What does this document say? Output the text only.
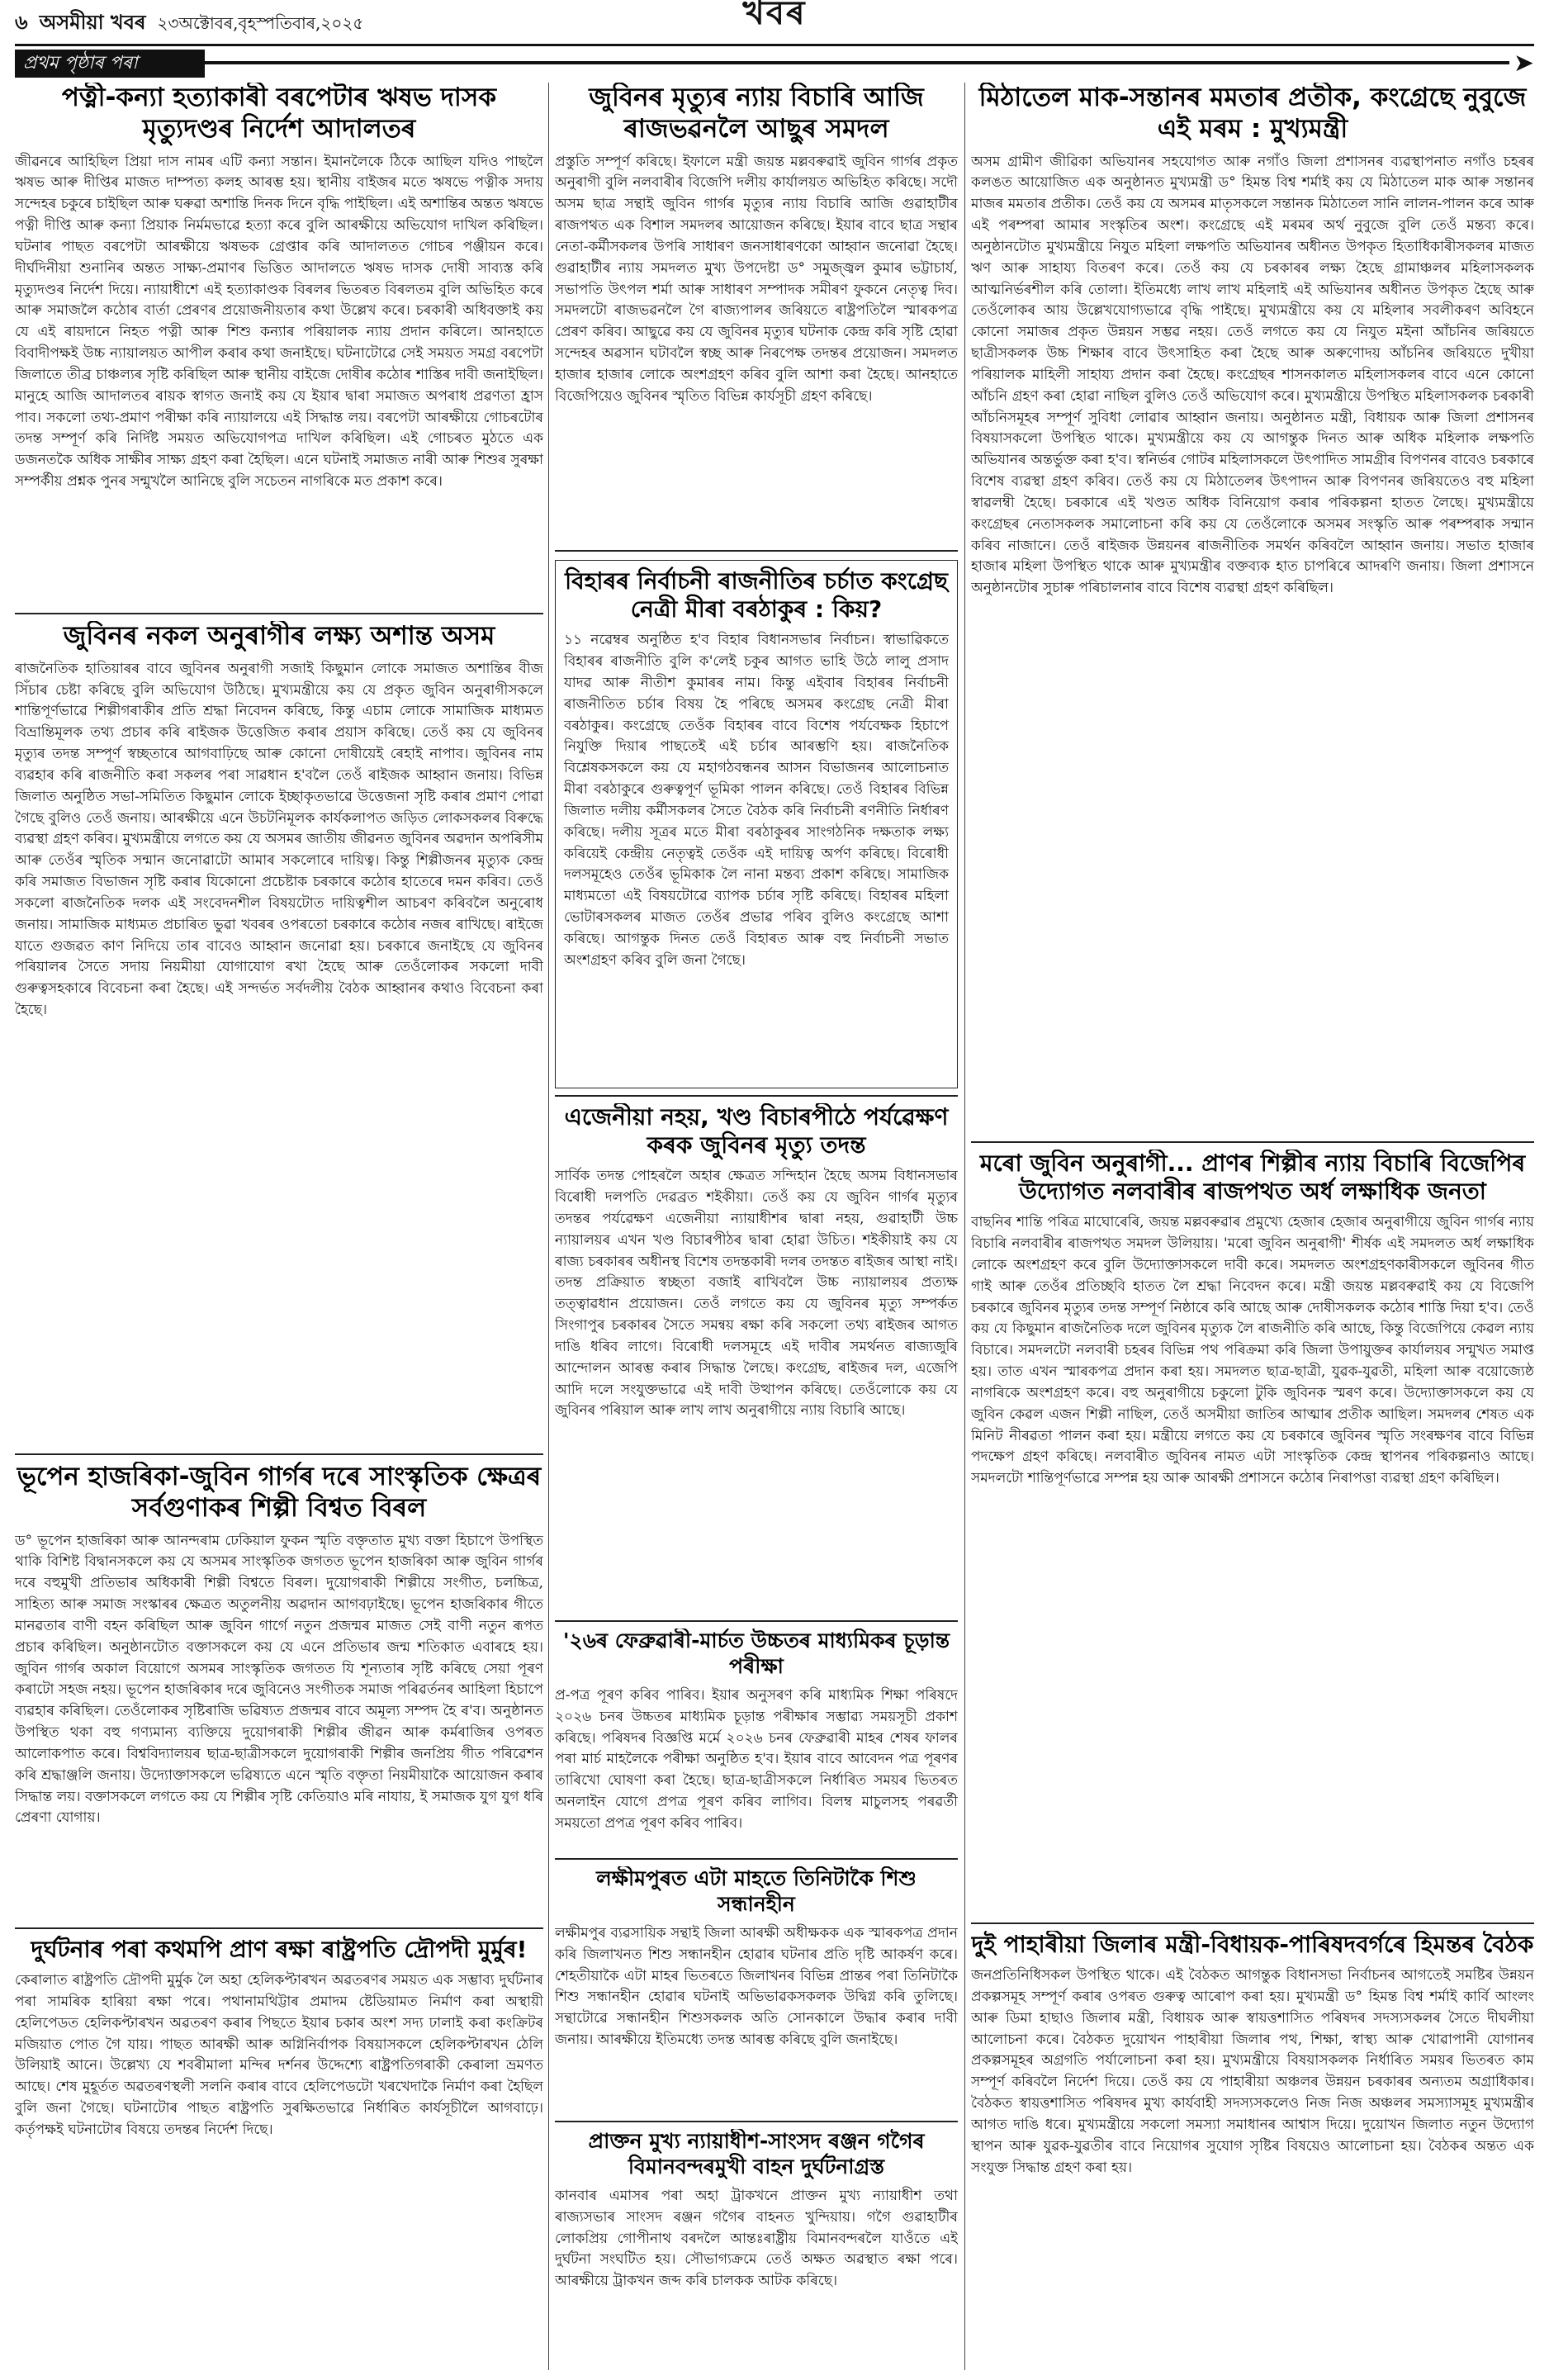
৬ অসমীয়া খবৰ ২৩অক্টোবৰ,বৃহস্পতিবাৰ,২০২৫	খবৰ
প্ৰথম পৃষ্ঠাৰ পৰা	➤
পত্নী-কন্যা হত্যাকাৰী বৰপেটাৰ ঋষভ দাসক মৃত্যুদণ্ডৰ নিৰ্দেশ আদালতৰ

জীৱনৰে আহিছিল প্ৰিয়া দাস নামৰ এটি কন্যা সন্তান। ইমানলৈকে ঠিকে আছিল যদিও পাছলৈ ঋষভ আৰু দীপ্তিৰ মাজত দাম্পত্য কলহ আৰম্ভ হয়। স্থানীয় বাইজৰ মতে ঋষভে পত্নীক সদায় সন্দেহৰ চকুৰে চাইছিল আৰু ঘৰুৱা অশান্তি দিনক দিনে বৃদ্ধি পাইছিল। এই অশান্তিৰ অন্তত ঋষভে পত্নী দীপ্তি আৰু কন্যা প্ৰিয়াক নিৰ্মমভাৱে হত্যা কৰে বুলি আৰক্ষীয়ে অভিযোগ দাখিল কৰিছিল। ঘটনাৰ পাছত বৰপেটা আৰক্ষীয়ে ঋষভক গ্ৰেপ্তাৰ কৰি আদালতত গোচৰ পঞ্জীয়ন কৰে। দীৰ্ঘদিনীয়া শুনানিৰ অন্তত সাক্ষ্য-প্ৰমাণৰ ভিত্তিত আদালতে ঋষভ দাসক দোষী সাব্যস্ত কৰি মৃত্যুদণ্ডৰ নিৰ্দেশ দিয়ে। ন্যায়াধীশে এই হত্যাকাণ্ডক বিৰলৰ ভিতৰত বিৰলতম বুলি অভিহিত কৰে আৰু সমাজলৈ কঠোৰ বাৰ্তা প্ৰেৰণৰ প্ৰয়োজনীয়তাৰ কথা উল্লেখ কৰে। চৰকাৰী অধিবক্তাই কয় যে এই ৰায়দানে নিহত পত্নী আৰু শিশু কন্যাৰ পৰিয়ালক ন্যায় প্ৰদান কৰিলে। আনহাতে বিবাদীপক্ষই উচ্চ ন্যায়ালয়ত আপীল কৰাৰ কথা জনাইছে। ঘটনাটোৱে সেই সময়ত সমগ্ৰ বৰপেটা জিলাতে তীব্ৰ চাঞ্চল্যৰ সৃষ্টি কৰিছিল আৰু স্থানীয় বাইজে দোষীৰ কঠোৰ শাস্তিৰ দাবী জনাইছিল। মানুহে আজি আদালতৰ ৰায়ক স্বাগত জনাই কয় যে ইয়াৰ দ্বাৰা সমাজত অপৰাধ প্ৰৱণতা হ্ৰাস পাব। সকলো তথ্য-প্ৰমাণ পৰীক্ষা কৰি ন্যায়ালয়ে এই সিদ্ধান্ত লয়। বৰপেটা আৰক্ষীয়ে গোচৰটোৰ তদন্ত সম্পূৰ্ণ কৰি নিৰ্দিষ্ট সময়ত অভিযোগপত্ৰ দাখিল কৰিছিল। এই গোচৰত মুঠতে এক ডজনতকৈ অধিক সাক্ষীৰ সাক্ষ্য গ্ৰহণ কৰা হৈছিল। এনে ঘটনাই সমাজত নাৰী আৰু শিশুৰ সুৰক্ষা সম্পৰ্কীয় প্ৰশ্নক পুনৰ সন্মুখলৈ আনিছে বুলি সচেতন নাগৰিকে মত প্ৰকাশ কৰে।

জুবিনৰ নকল অনুৰাগীৰ লক্ষ্য অশান্ত অসম

ৰাজনৈতিক হাতিয়াৰৰ বাবে জুবিনৰ অনুৰাগী সজাই কিছুমান লোকে সমাজত অশান্তিৰ বীজ সিঁচাৰ চেষ্টা কৰিছে বুলি অভিযোগ উঠিছে। মুখ্যমন্ত্ৰীয়ে কয় যে প্ৰকৃত জুবিন অনুৰাগীসকলে শান্তিপূৰ্ণভাৱে শিল্পীগৰাকীৰ প্ৰতি শ্ৰদ্ধা নিবেদন কৰিছে, কিন্তু এচাম লোকে সামাজিক মাধ্যমত বিভ্ৰান্তিমূলক তথ্য প্ৰচাৰ কৰি ৰাইজক উত্তেজিত কৰাৰ প্ৰয়াস কৰিছে। তেওঁ কয় যে জুবিনৰ মৃত্যুৰ তদন্ত সম্পূৰ্ণ স্বচ্ছতাৰে আগবাঢ়িছে আৰু কোনো দোষীয়েই ৰেহাই নাপাব। জুবিনৰ নাম ব্যৱহাৰ কৰি ৰাজনীতি কৰা সকলৰ পৰা সাৱধান হ'বলৈ তেওঁ ৰাইজক আহ্বান জনায়। বিভিন্ন জিলাত অনুষ্ঠিত সভা-সমিতিত কিছুমান লোকে ইচ্ছাকৃতভাৱে উত্তেজনা সৃষ্টি কৰাৰ প্ৰমাণ পোৱা গৈছে বুলিও তেওঁ জনায়। আৰক্ষীয়ে এনে উচটনিমূলক কাৰ্যকলাপত জড়িত লোকসকলৰ বিৰুদ্ধে ব্যৱস্থা গ্ৰহণ কৰিব। মুখ্যমন্ত্ৰীয়ে লগতে কয় যে অসমৰ জাতীয় জীৱনত জুবিনৰ অৱদান অপৰিসীম আৰু তেওঁৰ স্মৃতিক সন্মান জনোৱাটো আমাৰ সকলোৰে দায়িত্ব। কিন্তু শিল্পীজনৰ মৃত্যুক কেন্দ্ৰ কৰি সমাজত বিভাজন সৃষ্টি কৰাৰ যিকোনো প্ৰচেষ্টাক চৰকাৰে কঠোৰ হাতেৰে দমন কৰিব। তেওঁ সকলো ৰাজনৈতিক দলক এই সংবেদনশীল বিষয়টোত দায়িত্বশীল আচৰণ কৰিবলৈ অনুৰোধ জনায়। সামাজিক মাধ্যমত প্ৰচাৰিত ভুৱা খবৰৰ ওপৰতো চৰকাৰে কঠোৰ নজৰ ৰাখিছে। ৰাইজে যাতে গুজৱত কাণ নিদিয়ে তাৰ বাবেও আহ্বান জনোৱা হয়। চৰকাৰে জনাইছে যে জুবিনৰ পৰিয়ালৰ সৈতে সদায় নিয়মীয়া যোগাযোগ ৰখা হৈছে আৰু তেওঁলোকৰ সকলো দাবী গুৰুত্বসহকাৰে বিবেচনা কৰা হৈছে। এই সন্দৰ্ভত সৰ্বদলীয় বৈঠক আহ্বানৰ কথাও বিবেচনা কৰা হৈছে।

ভূপেন হাজৰিকা-জুবিন গাৰ্গৰ দৰে সাংস্কৃতিক ক্ষেত্ৰৰ সৰ্বগুণাকৰ শিল্পী বিশ্বত বিৰল

ড° ভূপেন হাজৰিকা আৰু আনন্দৰাম ঢেকিয়াল ফুকন স্মৃতি বক্তৃতাত মুখ্য বক্তা হিচাপে উপস্থিত থাকি বিশিষ্ট বিদ্বানসকলে কয় যে অসমৰ সাংস্কৃতিক জগতত ভূপেন হাজৰিকা আৰু জুবিন গাৰ্গৰ দৰে বহুমুখী প্ৰতিভাৰ অধিকাৰী শিল্পী বিশ্বতে বিৰল। দুয়োগৰাকী শিল্পীয়ে সংগীত, চলচ্চিত্ৰ, সাহিত্য আৰু সমাজ সংস্কাৰৰ ক্ষেত্ৰত অতুলনীয় অৱদান আগবঢ়াইছে। ভূপেন হাজৰিকাৰ গীতে মানৱতাৰ বাণী বহন কৰিছিল আৰু জুবিন গাৰ্গে নতুন প্ৰজন্মৰ মাজত সেই বাণী নতুন ৰূপত প্ৰচাৰ কৰিছিল। অনুষ্ঠানটোত বক্তাসকলে কয় যে এনে প্ৰতিভাৰ জন্ম শতিকাত এবাৰহে হয়। জুবিন গাৰ্গৰ অকাল বিয়োগে অসমৰ সাংস্কৃতিক জগতত যি শূন্যতাৰ সৃষ্টি কৰিছে সেয়া পূৰণ কৰাটো সহজ নহয়। ভূপেন হাজৰিকাৰ দৰে জুবিনেও সংগীতক সমাজ পৰিৱৰ্তনৰ আহিলা হিচাপে ব্যৱহাৰ কৰিছিল। তেওঁলোকৰ সৃষ্টিৰাজি ভৱিষ্যত প্ৰজন্মৰ বাবে অমূল্য সম্পদ হৈ ৰ'ব। অনুষ্ঠানত উপস্থিত থকা বহু গণ্যমান্য ব্যক্তিয়ে দুয়োগৰাকী শিল্পীৰ জীৱন আৰু কৰ্মৰাজিৰ ওপৰত আলোকপাত কৰে। বিশ্ববিদ্যালয়ৰ ছাত্ৰ-ছাত্ৰীসকলে দুয়োগৰাকী শিল্পীৰ জনপ্ৰিয় গীত পৰিৱেশন কৰি শ্ৰদ্ধাঞ্জলি জনায়। উদ্যোক্তাসকলে ভৱিষ্যতে এনে স্মৃতি বক্তৃতা নিয়মীয়াকৈ আয়োজন কৰাৰ সিদ্ধান্ত লয়। বক্তাসকলে লগতে কয় যে শিল্পীৰ সৃষ্টি কেতিয়াও মৰি নাযায়, ই সমাজক যুগ যুগ ধৰি প্ৰেৰণা যোগায়।

দুৰ্ঘটনাৰ পৰা কথমপি প্ৰাণ ৰক্ষা ৰাষ্ট্ৰপতি দ্ৰৌপদী মুৰ্মুৰ!

কেৰালাত ৰাষ্ট্ৰপতি দ্ৰৌপদী মুৰ্মুক লৈ অহা হেলিকপ্টাৰখন অৱতৰণৰ সময়ত এক সম্ভাব্য দুৰ্ঘটনাৰ পৰা সামৰিক হাৰিয়া ৰক্ষা পৰে। পথানামথিট্টাৰ প্ৰমাদম ষ্টেডিয়ামত নিৰ্মাণ কৰা অস্থায়ী হেলিপেডত হেলিকপ্টাৰখন অৱতৰণ কৰাৰ পিছতে ইয়াৰ চকাৰ অংশ সদ্য ঢালাই কৰা কংক্ৰিটৰ মজিয়াত পোত গৈ যায়। পাছত আৰক্ষী আৰু অগ্নিনিৰ্বাপক বিষয়াসকলে হেলিকপ্টাৰখন ঠেলি উলিয়াই আনে। উল্লেখ্য যে শবৰীমালা মন্দিৰ দৰ্শনৰ উদ্দেশ্যে ৰাষ্ট্ৰপতিগৰাকী কেৰালা ভ্ৰমণত আছে। শেষ মুহূৰ্তত অৱতৰণস্থলী সলনি কৰাৰ বাবে হেলিপেডটো খৰখেদাকৈ নিৰ্মাণ কৰা হৈছিল বুলি জনা গৈছে। ঘটনাটোৰ পাছত ৰাষ্ট্ৰপতি সুৰক্ষিতভাৱে নিৰ্ধাৰিত কাৰ্যসূচীলৈ আগবাঢ়ে। কৰ্তৃপক্ষই ঘটনাটোৰ বিষয়ে তদন্তৰ নিৰ্দেশ দিছে।

জুবিনৰ মৃত্যুৰ ন্যায় বিচাৰি আজি ৰাজভৱনলৈ আছুৰ সমদল

প্ৰস্তুতি সম্পূৰ্ণ কৰিছে। ইফালে মন্ত্ৰী জয়ন্ত মল্লবৰুৱাই জুবিন গাৰ্গৰ প্ৰকৃত অনুৰাগী বুলি নলবাৰীৰ বিজেপি দলীয় কাৰ্যালয়ত অভিহিত কৰিছে। সদৌ অসম ছাত্ৰ সন্থাই জুবিন গাৰ্গৰ মৃত্যুৰ ন্যায় বিচাৰি আজি গুৱাহাটীৰ ৰাজপথত এক বিশাল সমদলৰ আয়োজন কৰিছে। ইয়াৰ বাবে ছাত্ৰ সন্থাৰ নেতা-কৰ্মীসকলৰ উপৰি সাধাৰণ জনসাধাৰণকো আহ্বান জনোৱা হৈছে। গুৱাহাটীৰ ন্যায় সমদলত মুখ্য উপদেষ্টা ড° সমুজ্জ্বল কুমাৰ ভট্টাচাৰ্য, সভাপতি উৎপল শৰ্মা আৰু সাধাৰণ সম্পাদক সমীৰণ ফুকনে নেতৃত্ব দিব। সমদলটো ৰাজভৱনলৈ গৈ ৰাজ্যপালৰ জৰিয়তে ৰাষ্ট্ৰপতিলৈ স্মাৰকপত্ৰ প্ৰেৰণ কৰিব। আছুৱে কয় যে জুবিনৰ মৃত্যুৰ ঘটনাক কেন্দ্ৰ কৰি সৃষ্টি হোৱা সন্দেহৰ অৱসান ঘটাবলৈ স্বচ্ছ আৰু নিৰপেক্ষ তদন্তৰ প্ৰয়োজন। সমদলত হাজাৰ হাজাৰ লোকে অংশগ্ৰহণ কৰিব বুলি আশা কৰা হৈছে। আনহাতে বিজেপিয়েও জুবিনৰ স্মৃতিত বিভিন্ন কাৰ্যসূচী গ্ৰহণ কৰিছে।

বিহাৰৰ নিৰ্বাচনী ৰাজনীতিৰ চৰ্চাত কংগ্ৰেছ নেত্ৰী মীৰা বৰঠাকুৰ : কিয়?

১১ নৱেম্বৰ অনুষ্ঠিত হ'ব বিহাৰ বিধানসভাৰ নিৰ্বাচন। স্বাভাৱিকতে বিহাৰৰ ৰাজনীতি বুলি ক'লেই চকুৰ আগত ভাহি উঠে লালু প্ৰসাদ যাদৱ আৰু নীতীশ কুমাৰৰ নাম। কিন্তু এইবাৰ বিহাৰৰ নিৰ্বাচনী ৰাজনীতিত চৰ্চাৰ বিষয় হৈ পৰিছে অসমৰ কংগ্ৰেছ নেত্ৰী মীৰা বৰঠাকুৰ। কংগ্ৰেছে তেওঁক বিহাৰৰ বাবে বিশেষ পৰ্যবেক্ষক হিচাপে নিযুক্তি দিয়াৰ পাছতেই এই চৰ্চাৰ আৰম্ভণি হয়। ৰাজনৈতিক বিশ্লেষকসকলে কয় যে মহাগঠবন্ধনৰ আসন বিভাজনৰ আলোচনাত মীৰা বৰঠাকুৰে গুৰুত্বপূৰ্ণ ভূমিকা পালন কৰিছে। তেওঁ বিহাৰৰ বিভিন্ন জিলাত দলীয় কৰ্মীসকলৰ সৈতে বৈঠক কৰি নিৰ্বাচনী ৰণনীতি নিৰ্ধাৰণ কৰিছে। দলীয় সূত্ৰৰ মতে মীৰা বৰঠাকুৰৰ সাংগঠনিক দক্ষতাক লক্ষ্য কৰিয়েই কেন্দ্ৰীয় নেতৃত্বই তেওঁক এই দায়িত্ব অৰ্পণ কৰিছে। বিৰোধী দলসমূহেও তেওঁৰ ভূমিকাক লৈ নানা মন্তব্য প্ৰকাশ কৰিছে। সামাজিক মাধ্যমতো এই বিষয়টোৱে ব্যাপক চৰ্চাৰ সৃষ্টি কৰিছে। বিহাৰৰ মহিলা ভোটাৰসকলৰ মাজত তেওঁৰ প্ৰভাৱ পৰিব বুলিও কংগ্ৰেছে আশা কৰিছে। আগন্তুক দিনত তেওঁ বিহাৰত আৰু বহু নিৰ্বাচনী সভাত অংশগ্ৰহণ কৰিব বুলি জনা গৈছে।

এজেনীয়া নহয়, খণ্ড বিচাৰপীঠে পৰ্যৱেক্ষণ কৰক জুবিনৰ মৃত্যু তদন্ত

সাৰ্বিক তদন্ত পোহৰলৈ অহাৰ ক্ষেত্ৰত সন্দিহান হৈছে অসম বিধানসভাৰ বিৰোধী দলপতি দেৱব্ৰত শইকীয়া। তেওঁ কয় যে জুবিন গাৰ্গৰ মৃত্যুৰ তদন্তৰ পৰ্যৱেক্ষণ এজেনীয়া ন্যায়াধীশৰ দ্বাৰা নহয়, গুৱাহাটী উচ্চ ন্যায়ালয়ৰ এখন খণ্ড বিচাৰপীঠৰ দ্বাৰা হোৱা উচিত। শইকীয়াই কয় যে ৰাজ্য চৰকাৰৰ অধীনস্থ বিশেষ তদন্তকাৰী দলৰ তদন্তত ৰাইজৰ আস্থা নাই। তদন্ত প্ৰক্ৰিয়াত স্বচ্ছতা বজাই ৰাখিবলৈ উচ্চ ন্যায়ালয়ৰ প্ৰত্যক্ষ তত্ত্বাৱধান প্ৰয়োজন। তেওঁ লগতে কয় যে জুবিনৰ মৃত্যু সম্পৰ্কত সিংগাপুৰ চৰকাৰৰ সৈতে সমন্বয় ৰক্ষা কৰি সকলো তথ্য ৰাইজৰ আগত দাঙি ধৰিব লাগে। বিৰোধী দলসমূহে এই দাবীৰ সমৰ্থনত ৰাজ্যজুৰি আন্দোলন আৰম্ভ কৰাৰ সিদ্ধান্ত লৈছে। কংগ্ৰেছ, ৰাইজৰ দল, এজেপি আদি দলে সংযুক্তভাৱে এই দাবী উত্থাপন কৰিছে। তেওঁলোকে কয় যে জুবিনৰ পৰিয়াল আৰু লাখ লাখ অনুৰাগীয়ে ন্যায় বিচাৰি আছে।

'২৬ৰ ফেব্ৰুৱাৰী-মাৰ্চত উচ্চতৰ মাধ্যমিকৰ চূড়ান্ত পৰীক্ষা

প্ৰ-পত্ৰ পূৰণ কৰিব পাৰিব। ইয়াৰ অনুসৰণ কৰি মাধ্যমিক শিক্ষা পৰিষদে ২০২৬ চনৰ উচ্চতৰ মাধ্যমিক চূড়ান্ত পৰীক্ষাৰ সম্ভাৱ্য সময়সূচী প্ৰকাশ কৰিছে। পৰিষদৰ বিজ্ঞপ্তি মৰ্মে ২০২৬ চনৰ ফেব্ৰুৱাৰী মাহৰ শেষৰ ফালৰ পৰা মাৰ্চ মাহলৈকে পৰীক্ষা অনুষ্ঠিত হ'ব। ইয়াৰ বাবে আবেদন পত্ৰ পূৰণৰ তাৰিখো ঘোষণা কৰা হৈছে। ছাত্ৰ-ছাত্ৰীসকলে নিৰ্ধাৰিত সময়ৰ ভিতৰত অনলাইন যোগে প্ৰপত্ৰ পূৰণ কৰিব লাগিব। বিলম্ব মাচুলসহ পৰৱৰ্তী সময়তো প্ৰপত্ৰ পূৰণ কৰিব পাৰিব।

লক্ষীমপুৰত এটা মাহতে তিনিটাকৈ শিশু সন্ধানহীন

লক্ষীমপুৰ ব্যৱসায়িক সন্থাই জিলা আৰক্ষী অধীক্ষকক এক স্মাৰকপত্ৰ প্ৰদান কৰি জিলাখনত শিশু সন্ধানহীন হোৱাৰ ঘটনাৰ প্ৰতি দৃষ্টি আকৰ্ষণ কৰে। শেহতীয়াকৈ এটা মাহৰ ভিতৰতে জিলাখনৰ বিভিন্ন প্ৰান্তৰ পৰা তিনিটাকৈ শিশু সন্ধানহীন হোৱাৰ ঘটনাই অভিভাৱকসকলক উদ্বিগ্ন কৰি তুলিছে। সন্থাটোৱে সন্ধানহীন শিশুসকলক অতি সোনকালে উদ্ধাৰ কৰাৰ দাবী জনায়। আৰক্ষীয়ে ইতিমধ্যে তদন্ত আৰম্ভ কৰিছে বুলি জনাইছে।

প্ৰাক্তন মুখ্য ন্যায়াধীশ-সাংসদ ৰঞ্জন গগৈৰ বিমানবন্দৰমুখী বাহন দুৰ্ঘটনাগ্ৰস্ত

কানবাৰ এমাসৰ পৰা অহা ট্ৰাকখনে প্ৰাক্তন মুখ্য ন্যায়াধীশ তথা ৰাজ্যসভাৰ সাংসদ ৰঞ্জন গগৈৰ বাহনত খুন্দিয়ায়। গগৈ গুৱাহাটীৰ লোকপ্ৰিয় গোপীনাথ বৰদলৈ আন্তঃৰাষ্ট্ৰীয় বিমানবন্দৰলৈ যাওঁতে এই দুৰ্ঘটনা সংঘটিত হয়। সৌভাগ্যক্ৰমে তেওঁ অক্ষত অৱস্থাত ৰক্ষা পৰে। আৰক্ষীয়ে ট্ৰাকখন জব্দ কৰি চালকক আটক কৰিছে।

মিঠাতেল মাক-সন্তানৰ মমতাৰ প্ৰতীক, কংগ্ৰেছে নুবুজে এই মৰম : মুখ্যমন্ত্ৰী

অসম গ্ৰামীণ জীৱিকা অভিযানৰ সহযোগত আৰু নগাঁও জিলা প্ৰশাসনৰ ব্যৱস্থাপনাত নগাঁও চহৰৰ কলঙত আয়োজিত এক অনুষ্ঠানত মুখ্যমন্ত্ৰী ড° হিমন্ত বিশ্ব শৰ্মাই কয় যে মিঠাতেল মাক আৰু সন্তানৰ মাজৰ মমতাৰ প্ৰতীক। তেওঁ কয় যে অসমৰ মাতৃসকলে সন্তানক মিঠাতেল সানি লালন-পালন কৰে আৰু এই পৰম্পৰা আমাৰ সংস্কৃতিৰ অংশ। কংগ্ৰেছে এই মৰমৰ অৰ্থ নুবুজে বুলি তেওঁ মন্তব্য কৰে। অনুষ্ঠানটোত মুখ্যমন্ত্ৰীয়ে নিযুত মহিলা লক্ষপতি অভিযানৰ অধীনত উপকৃত হিতাধিকাৰীসকলৰ মাজত ঋণ আৰু সাহায্য বিতৰণ কৰে। তেওঁ কয় যে চৰকাৰৰ লক্ষ্য হৈছে গ্ৰামাঞ্চলৰ মহিলাসকলক আত্মনিৰ্ভৰশীল কৰি তোলা। ইতিমধ্যে লাখ লাখ মহিলাই এই অভিযানৰ অধীনত উপকৃত হৈছে আৰু তেওঁলোকৰ আয় উল্লেখযোগ্যভাৱে বৃদ্ধি পাইছে। মুখ্যমন্ত্ৰীয়ে কয় যে মহিলাৰ সবলীকৰণ অবিহনে কোনো সমাজৰ প্ৰকৃত উন্নয়ন সম্ভৱ নহয়। তেওঁ লগতে কয় যে নিযুত মইনা আঁচনিৰ জৰিয়তে ছাত্ৰীসকলক উচ্চ শিক্ষাৰ বাবে উৎসাহিত কৰা হৈছে আৰু অৰুণোদয় আঁচনিৰ জৰিয়তে দুখীয়া পৰিয়ালক মাহিলী সাহায্য প্ৰদান কৰা হৈছে। কংগ্ৰেছৰ শাসনকালত মহিলাসকলৰ বাবে এনে কোনো আঁচনি গ্ৰহণ কৰা হোৱা নাছিল বুলিও তেওঁ অভিযোগ কৰে। মুখ্যমন্ত্ৰীয়ে উপস্থিত মহিলাসকলক চৰকাৰী আঁচনিসমূহৰ সম্পূৰ্ণ সুবিধা লোৱাৰ আহ্বান জনায়। অনুষ্ঠানত মন্ত্ৰী, বিধায়ক আৰু জিলা প্ৰশাসনৰ বিষয়াসকলো উপস্থিত থাকে। মুখ্যমন্ত্ৰীয়ে কয় যে আগন্তুক দিনত আৰু অধিক মহিলাক লক্ষপতি অভিযানৰ অন্তৰ্ভুক্ত কৰা হ'ব। স্বনিৰ্ভৰ গোটৰ মহিলাসকলে উৎপাদিত সামগ্ৰীৰ বিপণনৰ বাবেও চৰকাৰে বিশেষ ব্যৱস্থা গ্ৰহণ কৰিব। তেওঁ কয় যে মিঠাতেলৰ উৎপাদন আৰু বিপণনৰ জৰিয়তেও বহু মহিলা স্বাৱলম্বী হৈছে। চৰকাৰে এই খণ্ডত অধিক বিনিয়োগ কৰাৰ পৰিকল্পনা হাতত লৈছে। মুখ্যমন্ত্ৰীয়ে কংগ্ৰেছৰ নেতাসকলক সমালোচনা কৰি কয় যে তেওঁলোকে অসমৰ সংস্কৃতি আৰু পৰম্পৰাক সন্মান কৰিব নাজানে। তেওঁ ৰাইজক উন্নয়নৰ ৰাজনীতিক সমৰ্থন কৰিবলৈ আহ্বান জনায়। সভাত হাজাৰ হাজাৰ মহিলা উপস্থিত থাকে আৰু মুখ্যমন্ত্ৰীৰ বক্তব্যক হাত চাপৰিৰে আদৰণি জনায়। জিলা প্ৰশাসনে অনুষ্ঠানটোৰ সুচাৰু পৰিচালনাৰ বাবে বিশেষ ব্যৱস্থা গ্ৰহণ কৰিছিল।

মৰো জুবিন অনুৰাগী... প্ৰাণৰ শিল্পীৰ ন্যায় বিচাৰি বিজেপিৰ উদ্যোগত নলবাৰীৰ ৰাজপথত অৰ্ধ লক্ষাধিক জনতা

বাছনিৰ শান্তি পৰিত্ৰ মাঘোৰেৰি, জয়ন্ত মল্লবৰুৱাৰ প্ৰমুখ্যে হেজাৰ হেজাৰ অনুৰাগীয়ে জুবিন গাৰ্গৰ ন্যায় বিচাৰি নলবাৰীৰ ৰাজপথত সমদল উলিয়ায়। 'মৰো জুবিন অনুৰাগী' শীৰ্ষক এই সমদলত অৰ্ধ লক্ষাধিক লোকে অংশগ্ৰহণ কৰে বুলি উদ্যোক্তাসকলে দাবী কৰে। সমদলত অংশগ্ৰহণকাৰীসকলে জুবিনৰ গীত গাই আৰু তেওঁৰ প্ৰতিচ্ছবি হাতত লৈ শ্ৰদ্ধা নিবেদন কৰে। মন্ত্ৰী জয়ন্ত মল্লবৰুৱাই কয় যে বিজেপি চৰকাৰে জুবিনৰ মৃত্যুৰ তদন্ত সম্পূৰ্ণ নিষ্ঠাৰে কৰি আছে আৰু দোষীসকলক কঠোৰ শাস্তি দিয়া হ'ব। তেওঁ কয় যে কিছুমান ৰাজনৈতিক দলে জুবিনৰ মৃত্যুক লৈ ৰাজনীতি কৰি আছে, কিন্তু বিজেপিয়ে কেৱল ন্যায় বিচাৰে। সমদলটো নলবাৰী চহৰৰ বিভিন্ন পথ পৰিক্ৰমা কৰি জিলা উপায়ুক্তৰ কাৰ্যালয়ৰ সন্মুখত সমাপ্ত হয়। তাত এখন স্মাৰকপত্ৰ প্ৰদান কৰা হয়। সমদলত ছাত্ৰ-ছাত্ৰী, যুৱক-যুৱতী, মহিলা আৰু বয়োজ্যেষ্ঠ নাগৰিকে অংশগ্ৰহণ কৰে। বহু অনুৰাগীয়ে চকুলো টুকি জুবিনক স্মৰণ কৰে। উদ্যোক্তাসকলে কয় যে জুবিন কেৱল এজন শিল্পী নাছিল, তেওঁ অসমীয়া জাতিৰ আত্মাৰ প্ৰতীক আছিল। সমদলৰ শেষত এক মিনিট নীৰৱতা পালন কৰা হয়। মন্ত্ৰীয়ে লগতে কয় যে চৰকাৰে জুবিনৰ স্মৃতি সংৰক্ষণৰ বাবে বিভিন্ন পদক্ষেপ গ্ৰহণ কৰিছে। নলবাৰীত জুবিনৰ নামত এটা সাংস্কৃতিক কেন্দ্ৰ স্থাপনৰ পৰিকল্পনাও আছে। সমদলটো শান্তিপূৰ্ণভাৱে সম্পন্ন হয় আৰু আৰক্ষী প্ৰশাসনে কঠোৰ নিৰাপত্তা ব্যৱস্থা গ্ৰহণ কৰিছিল।

দুই পাহাৰীয়া জিলাৰ মন্ত্ৰী-বিধায়ক-পাৰিষদবৰ্গৰে হিমন্তৰ বৈঠক

জনপ্ৰতিনিধিসকল উপস্থিত থাকে। এই বৈঠকত আগন্তুক বিধানসভা নিৰ্বাচনৰ আগতেই সমষ্টিৰ উন্নয়ন প্ৰকল্পসমূহ সম্পূৰ্ণ কৰাৰ ওপৰত গুৰুত্ব আৰোপ কৰা হয়। মুখ্যমন্ত্ৰী ড° হিমন্ত বিশ্ব শৰ্মাই কাৰ্বি আংলং আৰু ডিমা হাছাও জিলাৰ মন্ত্ৰী, বিধায়ক আৰু স্বায়ত্তশাসিত পৰিষদৰ সদস্যসকলৰ সৈতে দীঘলীয়া আলোচনা কৰে। বৈঠকত দুয়োখন পাহাৰীয়া জিলাৰ পথ, শিক্ষা, স্বাস্থ্য আৰু খোৱাপানী যোগানৰ প্ৰকল্পসমূহৰ অগ্ৰগতি পৰ্যালোচনা কৰা হয়। মুখ্যমন্ত্ৰীয়ে বিষয়াসকলক নিৰ্ধাৰিত সময়ৰ ভিতৰত কাম সম্পূৰ্ণ কৰিবলৈ নিৰ্দেশ দিয়ে। তেওঁ কয় যে পাহাৰীয়া অঞ্চলৰ উন্নয়ন চৰকাৰৰ অন্যতম অগ্ৰাধিকাৰ। বৈঠকত স্বায়ত্তশাসিত পৰিষদৰ মুখ্য কাৰ্যবাহী সদস্যসকলেও নিজ নিজ অঞ্চলৰ সমস্যাসমূহ মুখ্যমন্ত্ৰীৰ আগত দাঙি ধৰে। মুখ্যমন্ত্ৰীয়ে সকলো সমস্যা সমাধানৰ আশ্বাস দিয়ে। দুয়োখন জিলাত নতুন উদ্যোগ স্থাপন আৰু যুৱক-যুৱতীৰ বাবে নিয়োগৰ সুযোগ সৃষ্টিৰ বিষয়েও আলোচনা হয়। বৈঠকৰ অন্তত এক সংযুক্ত সিদ্ধান্ত গ্ৰহণ কৰা হয়।
